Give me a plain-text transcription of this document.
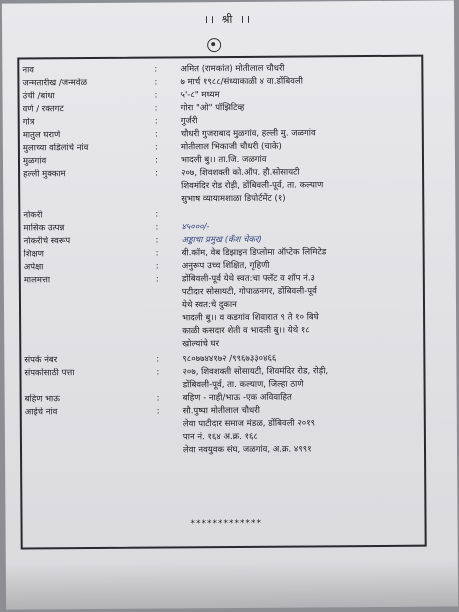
।। श्री ।।
नाव	:	अमित (रामकांत) मोतीलाल चौधरी
जन्मतारीख /जन्मवेळ	:	७ मार्च १९८८/संध्याकाळी ४ वा.डोंबिवली
उंची /बांधा	:	५'-८" मध्यम
वर्ण / रक्तगट	:	गोरा "ओ" पॉझिटिव्ह
गोत्र	:	गुर्जरी
मातुल घराणे	:	चौधरी गुजराबाद मुळगांव, हल्ली मु. जळगांव
मुलाच्या वडिलांचे नांव	:	मोतीलाल भिकाजी चौधरी (चाके)
मुळगांव	:	भादली बु।। ता.जि. जळगांव
हल्ली मुक्काम	:	२०७, शिवशक्ती को.ऑप. हौ.सोसायटी
शिवमंदिर रोड रोड़ी, डोंबिवली-पूर्व, ता. कल्याण
सुभाष व्यायामशाळा डिपोर्टमेंट (१)
नोकरी	:
मासिक उत्पन्न	:	४५०००/-
नोकरीचे स्वरूप	:	अड्डाचा प्रमुख (कॅश चेकर)
शिक्षण	:	बी.कॉम, वेब डिझाइन डिप्लोमा ऑप्टेक लिमिटेड
अपेक्षा	:	अनुरूप उच्च शिक्षित, गृहिणी
मालमत्ता	:	डोंबिवली-पूर्व येथे स्वत:चा फ्लॅट व शॉप नं.३
पटीदार सोसायटी, गोपाळनगर, डोंबिवली-पूर्व
येथे स्वत:चे दुकान
भादली बु।। व कडगांव शिवारात ९ ते १० बिघे
काळी कसदार शेती व भादली बु।। येथे १८
खोल्यांचे घर
संपर्क नंबर	:	९८०७७४४१७२ /९९६७३३०४६६
संपर्कासाठी पत्ता	:	२०७, शिवशक्ती सोसायटी, शिवमंदिर रोड, रोड़ी,
डोंबिवली-पूर्व, ता. कल्याण, जिल्हा ठाणे
बहिण भाऊ	:	बहिण - नाही/भाऊ -एक अविवाहित
आईचे नांव	:	सौ.पुष्पा मोतीलाल चौधरी
लेवा पाटीदार समाज मंडळ, डोंबिवली २०१९
पान नं. १६४ अ.क्र. १६८
लेवा नवयुवक संघ, जळगांव, अ.क्र. ४९९१
*************
